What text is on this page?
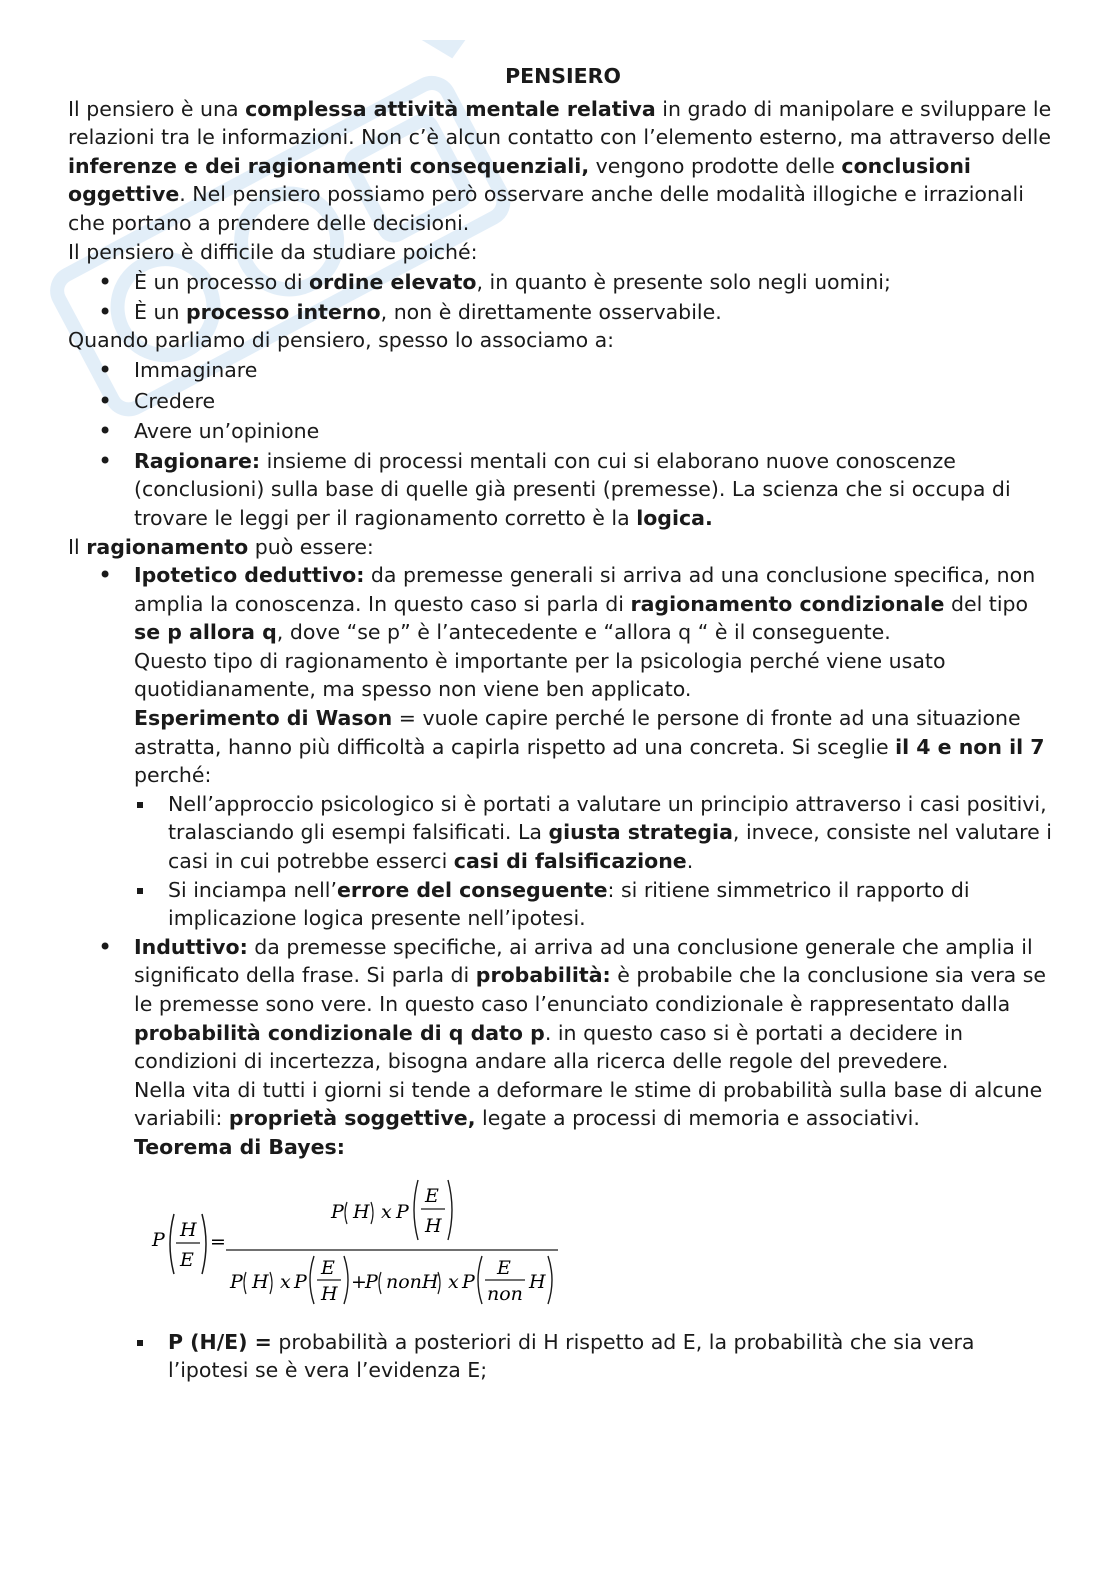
PENSIERO

Il pensiero è una complessa attività mentale relativa in grado di manipolare e sviluppare le relazioni tra le informazioni. Non c’è alcun contatto con l’elemento esterno, ma attraverso delle inferenze e dei ragionamenti consequenziali, vengono prodotte delle conclusioni oggettive. Nel pensiero possiamo però osservare anche delle modalità illogiche e irrazionali che portano a prendere delle decisioni.

Il pensiero è difficile da studiare poiché:

• È un processo di ordine elevato, in quanto è presente solo negli uomini;
• È un processo interno, non è direttamente osservabile.

Quando parliamo di pensiero, spesso lo associamo a:

• Immaginare
• Credere
• Avere un’opinione
• Ragionare: insieme di processi mentali con cui si elaborano nuove conoscenze (conclusioni) sulla base di quelle già presenti (premesse). La scienza che si occupa di trovare le leggi per il ragionamento corretto è la logica.

Il ragionamento può essere:

• Ipotetico deduttivo: da premesse generali si arriva ad una conclusione specifica, non amplia la conoscenza. In questo caso si parla di ragionamento condizionale del tipo se p allora q, dove “se p” è l’antecedente e “allora q “ è il conseguente.

Questo tipo di ragionamento è importante per la psicologia perché viene usato quotidianamente, ma spesso non viene ben applicato.

Esperimento di Wason = vuole capire perché le persone di fronte ad una situazione astratta, hanno più difficoltà a capirla rispetto ad una concreta. Si sceglie il 4 e non il 7 perché:

Nell’approccio psicologico si è portati a valutare un principio attraverso i casi positivi, tralasciando gli esempi falsificati. La giusta strategia, invece, consiste nel valutare i casi in cui potrebbe esserci casi di falsificazione.
Si inciampa nell’errore del conseguente: si ritiene simmetrico il rapporto di implicazione logica presente nell’ipotesi.

• Induttivo: da premesse specifiche, ai arriva ad una conclusione generale che amplia il significato della frase. Si parla di probabilità: è probabile che la conclusione sia vera se le premesse sono vere. In questo caso l’enunciato condizionale è rappresentato dalla probabilità condizionale di q dato p. in questo caso si è portati a decidere in condizioni di incertezza, bisogna andare alla ricerca delle regole del prevedere.

Nella vita di tutti i giorni si tende a deformare le stime di probabilità sulla base di alcune variabili: proprietà soggettive, legate a processi di memoria e associativi.

Teorema di Bayes:

P H
E
=
P H x P
E
H
P H x P
E
H
+
P nonH x P
E
non
H
P (H/E) = probabilità a posteriori di H rispetto ad E, la probabilità che sia vera l’ipotesi se è vera l’evidenza E;
